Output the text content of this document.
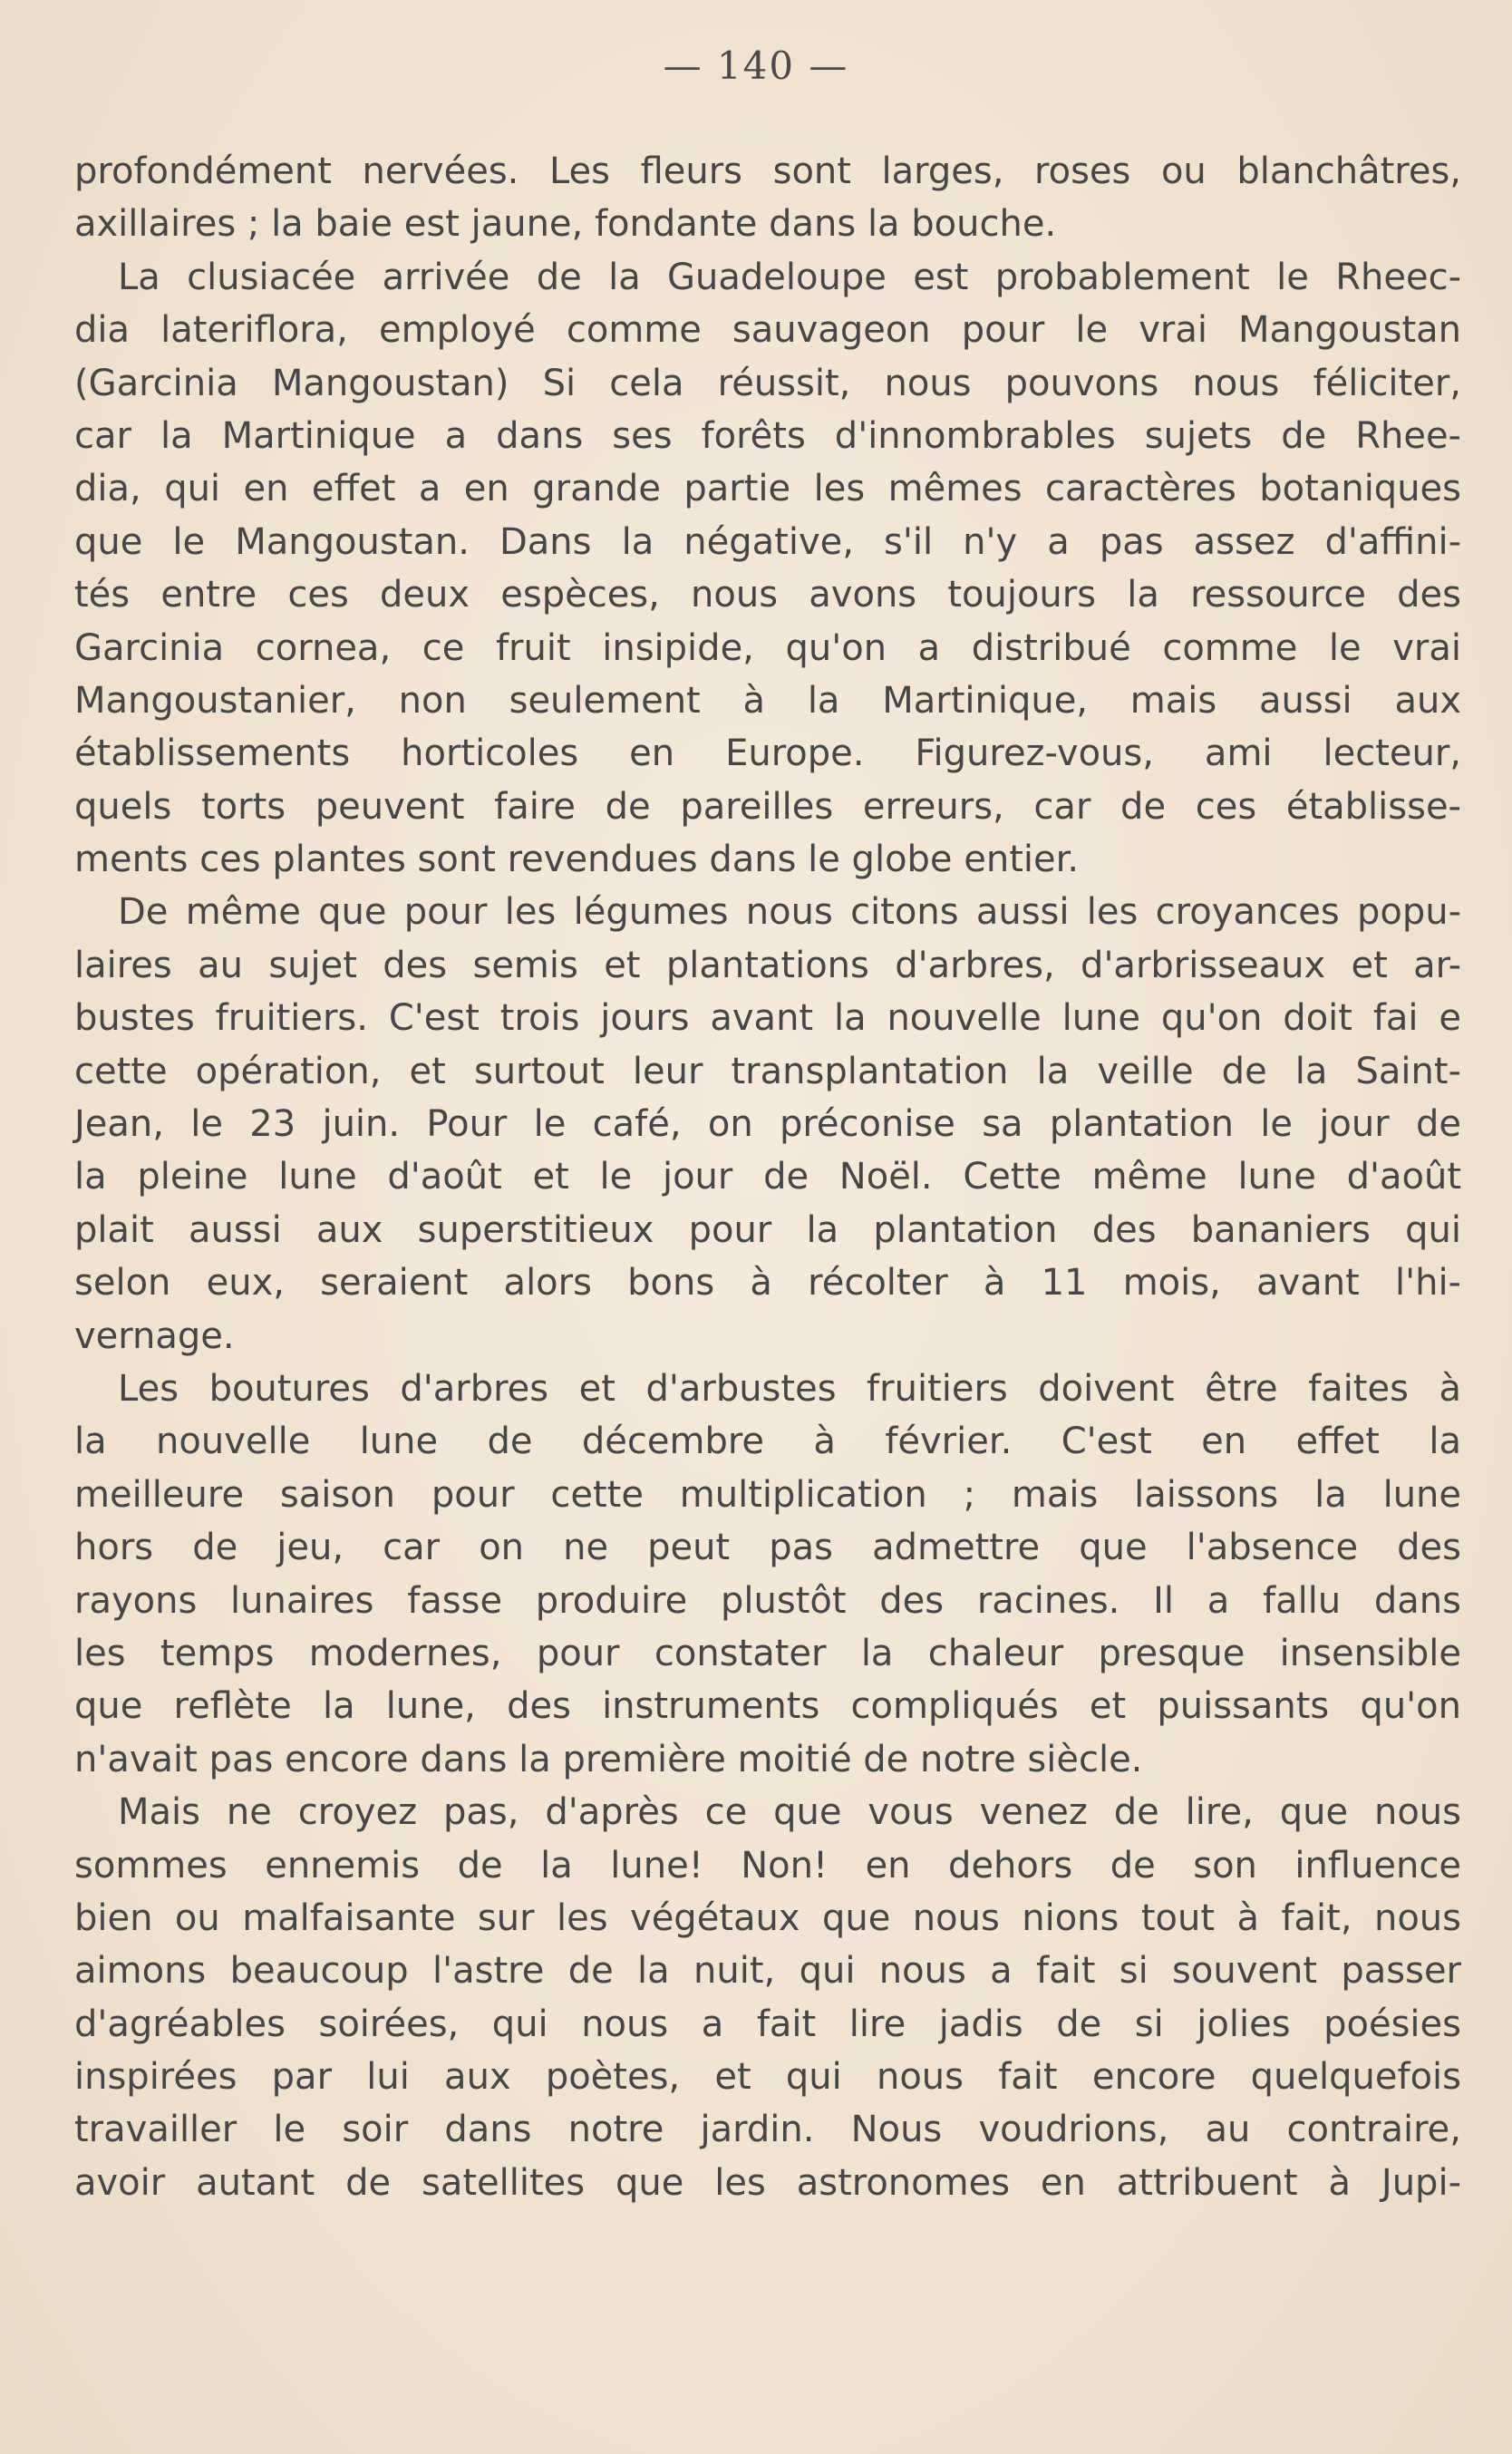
— 140 —
profondément nervées. Les fleurs sont larges, roses ou blanchâtres,
axillaires ; la baie est jaune, fondante dans la bouche.
La clusiacée arrivée de la Guadeloupe est probablement le Rheec-
dia lateriflora, employé comme sauvageon pour le vrai Mangoustan
(Garcinia Mangoustan) Si cela réussit, nous pouvons nous féliciter,
car la Martinique a dans ses forêts d'innombrables sujets de Rhee-
dia, qui en effet a en grande partie les mêmes caractères botaniques
que le Mangoustan. Dans la négative, s'il n'y a pas assez d'affini-
tés entre ces deux espèces, nous avons toujours la ressource des
Garcinia cornea, ce fruit insipide, qu'on a distribué comme le vrai
Mangoustanier, non seulement à la Martinique, mais aussi aux
établissements horticoles en Europe. Figurez-vous, ami lecteur,
quels torts peuvent faire de pareilles erreurs, car de ces établisse-
ments ces plantes sont revendues dans le globe entier.
De même que pour les légumes nous citons aussi les croyances popu-
laires au sujet des semis et plantations d'arbres, d'arbrisseaux et ar-
bustes fruitiers. C'est trois jours avant la nouvelle lune qu'on doit fai e
cette opération, et surtout leur transplantation la veille de la Saint-
Jean, le 23 juin. Pour le café, on préconise sa plantation le jour de
la pleine lune d'août et le jour de Noël. Cette même lune d'août
plait aussi aux superstitieux pour la plantation des bananiers qui
selon eux, seraient alors bons à récolter à 11 mois, avant l'hi-
vernage.
Les boutures d'arbres et d'arbustes fruitiers doivent être faites à
la nouvelle lune de décembre à février. C'est en effet la
meilleure saison pour cette multiplication ; mais laissons la lune
hors de jeu, car on ne peut pas admettre que l'absence des
rayons lunaires fasse produire plustôt des racines. Il a fallu dans
les temps modernes, pour constater la chaleur presque insensible
que reflète la lune, des instruments compliqués et puissants qu'on
n'avait pas encore dans la première moitié de notre siècle.
Mais ne croyez pas, d'après ce que vous venez de lire, que nous
sommes ennemis de la lune! Non! en dehors de son influence
bien ou malfaisante sur les végétaux que nous nions tout à fait, nous
aimons beaucoup l'astre de la nuit, qui nous a fait si souvent passer
d'agréables soirées, qui nous a fait lire jadis de si jolies poésies
inspirées par lui aux poètes, et qui nous fait encore quelquefois
travailler le soir dans notre jardin. Nous voudrions, au contraire,
avoir autant de satellites que les astronomes en attribuent à Jupi-
